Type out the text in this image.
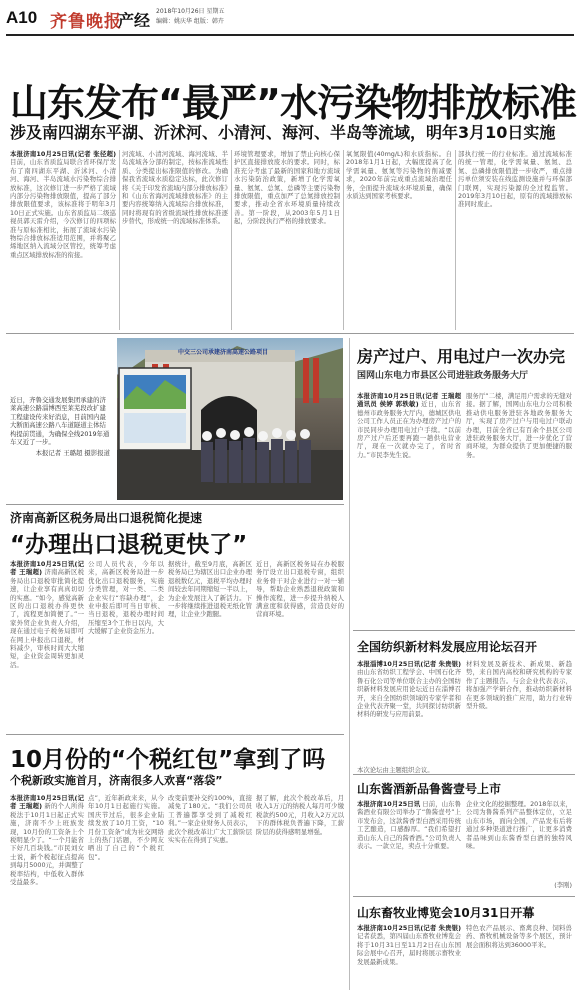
A10 齐鲁晚报
产经 2018年10月26日 星期五
编辑：姚庆华 组版：韩卉
山东发布“最严”水污染物排放标准
涉及南四湖东平湖、沂沭河、小清河、海河、半岛等流域，明年3月10日实施
本报济南10月25日讯(记者 张径超) 目前，山东省质监局联合省环保厅发布了南四湖东平湖、沂沭河、小清河、海河、半岛流域水污染物综合排放标准，这次修订进一步严格了流域内部分污染物排放限值，提高了部分排放限值要求，该标准将于明年3月10日正式实施。山东省质监局二级巡视员郭天雷介绍，今次修订的四项标准与原标准相比，拓展了流域水污染物综合排放标准适用范围，并将聚乙烯地区纳入流域分区管控，统筹考虑重点区域排放标准的衔接。
河流域、小清河流域、海河流域、半岛流域各分部的制定，按标准流域性质、分类提出标准限值的修改。为确保我省流域水质稳定达标，此次修订将《关于印发省流域内部分排放标准》和《山东省海河流域排放标准》的主要内容统筹纳入流域综合排放标准，同时将现有的省级流域性排放标准逐步替代，形成统一的流域标准体系。
环境管理要求，增加了禁止向核心保护区直接排放废水的要求。同时，标准充分考虑了最新的国家和地方流域水污染防治政策，新增了化学需氧量、氨氮、总氮、总磷等主要污染物排放限值，重点加严了总氮排放控制要求，推动全省水环境质量持续改善。第一阶段，从2003年5月1日起，分阶段执行严格的排放要求。
氧氮限值(40mg/L)和水质指标。自2018年1月1日起，大幅度提高了化学需氧量、氨氮等污染物的削减要求，2020年前完成重点流域治理任务，全面提升流域水环境质量，确保水质达到国家考核要求。
部执行统一的行业标准。通过流域标准的统一管理，化学需氧量、氨氮、总氮、总磷排放限值进一步收严，重点排污单位须安装在线监测设施并与环保部门联网，实现污染源的全过程监管。2019年3月10日起，原有的流域排放标准同时废止。
近日，齐鲁交通发展集团承建的济莱高速公路淄博西至莱芜段改扩建工程建设传来好消息，目前国内最大断面高速公路八车道隧道主体结构提前贯通，为确保全线2019年通车又近了一步。
本报记者 王璐超 摄影报道
中交三公司承建济南高速公路项目
济南高新区税务局出口退税简化提速
“办理出口退税更快了”
本报济南10月25日讯(记者 王瑞超) 济南高新区税务局出口退税审批简化提速，让企业享有真真切切的实惠。“如今，感觉高新区的出口退税办得更快了，流程更加简便了。”一家外贸企业负责人介绍，现在通过电子税务局即可在网上申报出口退税，材料减少，审核时间大大缩短，企业资金周转更加灵活。
公司人员代表，今年以来，高新区税务局进一步优化出口退税服务，实施分类管理，对一类、二类企业实行“容缺办理”，企业申报后即可当日审核、当日退税，退税办理时间压缩至3个工作日以内，大大缓解了企业资金压力。
据统计，截至9月底，高新区税务局已为辖区出口企业办理退税数亿元，退税平均办理时间较去年同期缩短一半以上，为企业发展注入了新活力。下一步将继续推进退税无纸化管理，让企业少跑腿。
近日，高新区税务局在办税服务厅设立出口退税专窗，组织业务骨干对企业进行一对一辅导，帮助企业熟悉退税政策和操作流程，进一步提升纳税人满意度和获得感，营造良好的营商环境。
房产过户、用电过户一次办完
国网山东电力市县区公司进驻政务服务大厅
本报济南10月25日讯(记者 王瑞超 通讯员 侯婷 郭轶敏) 近日，山东省德州市政务服务大厅内，德城区供电公司工作人员正在为办理房产过户的市民同步办理用电过户手续。“以前房产过户后还要再跑一趟供电营业厅，现在一次就办完了，省时省力。”市民李先生说。
服务厅”二楼，满足用户需求的无缝对接。据了解，国网山东电力公司积极推动供电服务进驻各地政务服务大厅，实现了房产过户与用电过户联动办理，目前全省已有百余个县区公司进驻政务服务大厅，进一步优化了营商环境，为群众提供了更加便捷的服务。
全国纺织新材料发展应用论坛召开
本报淄博10月25日讯(记者 朱贵银) 由山东省纺织工程学会、中国石化齐鲁石化公司等单位联合主办的全国纺织新材料发展应用论坛近日在淄博召开，来自全国纺织领域的专家学者和企业代表齐聚一堂，共同探讨纺织新材料的研发与应用前景。
材料发展及新技术、新成果、新趋势，来自国内高校和研究机构的专家作了主题报告。与会企业代表表示，将加强产学研合作，推动纺织新材料在更多领域的推广应用，助力行业转型升级。
本次论坛由主题组织会议。
山东酱酒新品鲁酱壹号上市
本报济南10月25日讯 日前，山东鲁酱酒业有限公司举办了“鲁酱壹号”上市发布会，这款酱香型白酒采用传统工艺酿造，口感醇厚。“我们希望打造山东人自己的酱香酒。”公司负责人表示。一款立足，卖点十分重要。
企业文化的挖掘整理。2018年以来，公司为鲁酱系列产品整体定位，立足山东市场，面向全国，产品发布后将通过多种渠道进行推广，让更多消费者品味到山东酱香型白酒的独特风味。
(李刚)
山东畜牧业博览会10月31日开幕
本报济南10月25日讯(记者 朱贵银) 记者获悉，第四届山东畜牧业博览会将于10月31日至11月2日在山东国际会展中心召开，届时将展示畜牧业发展最新成果。
特色农产品展示、畜禽良种、饲料兽药、畜牧机械设备等多个展区，预计展会面积将达到36000平米。
10月份的“个税红包”拿到了吗
个税新政实施首月，济南很多人欢喜“落袋”
本报济南10月25日讯(记者 王瑞超) 新的个人所得税法于10月1日起正式实施，济南不少上班族发现，10月份的工资条上个税明显少了。“一个月能省下好几百块钱。”市民刘女士说，新个税起征点提高到每月5000元，并调整了税率结构，中低收入群体受益最多。
点”，近年新政来来，从今年10月1日起施行实施。国庆节过后，很多企业陆续发放了10月工资，“10月份工资条”成为社交网络上的热门话题，不少网友晒出了自己的“个税红包”。
改变前要补交约100%，直接减免了180元。“我们公司员工普遍都享受到了减税红利。”一家企业财务人员表示，此次个税改革让广大工薪阶层实实在在得到了实惠。
据了解，此次个税改革后，月收入1万元的纳税人每月可少缴税款约500元，月收入2万元以下的群体税负普遍下降，工薪阶层的获得感明显增强。
